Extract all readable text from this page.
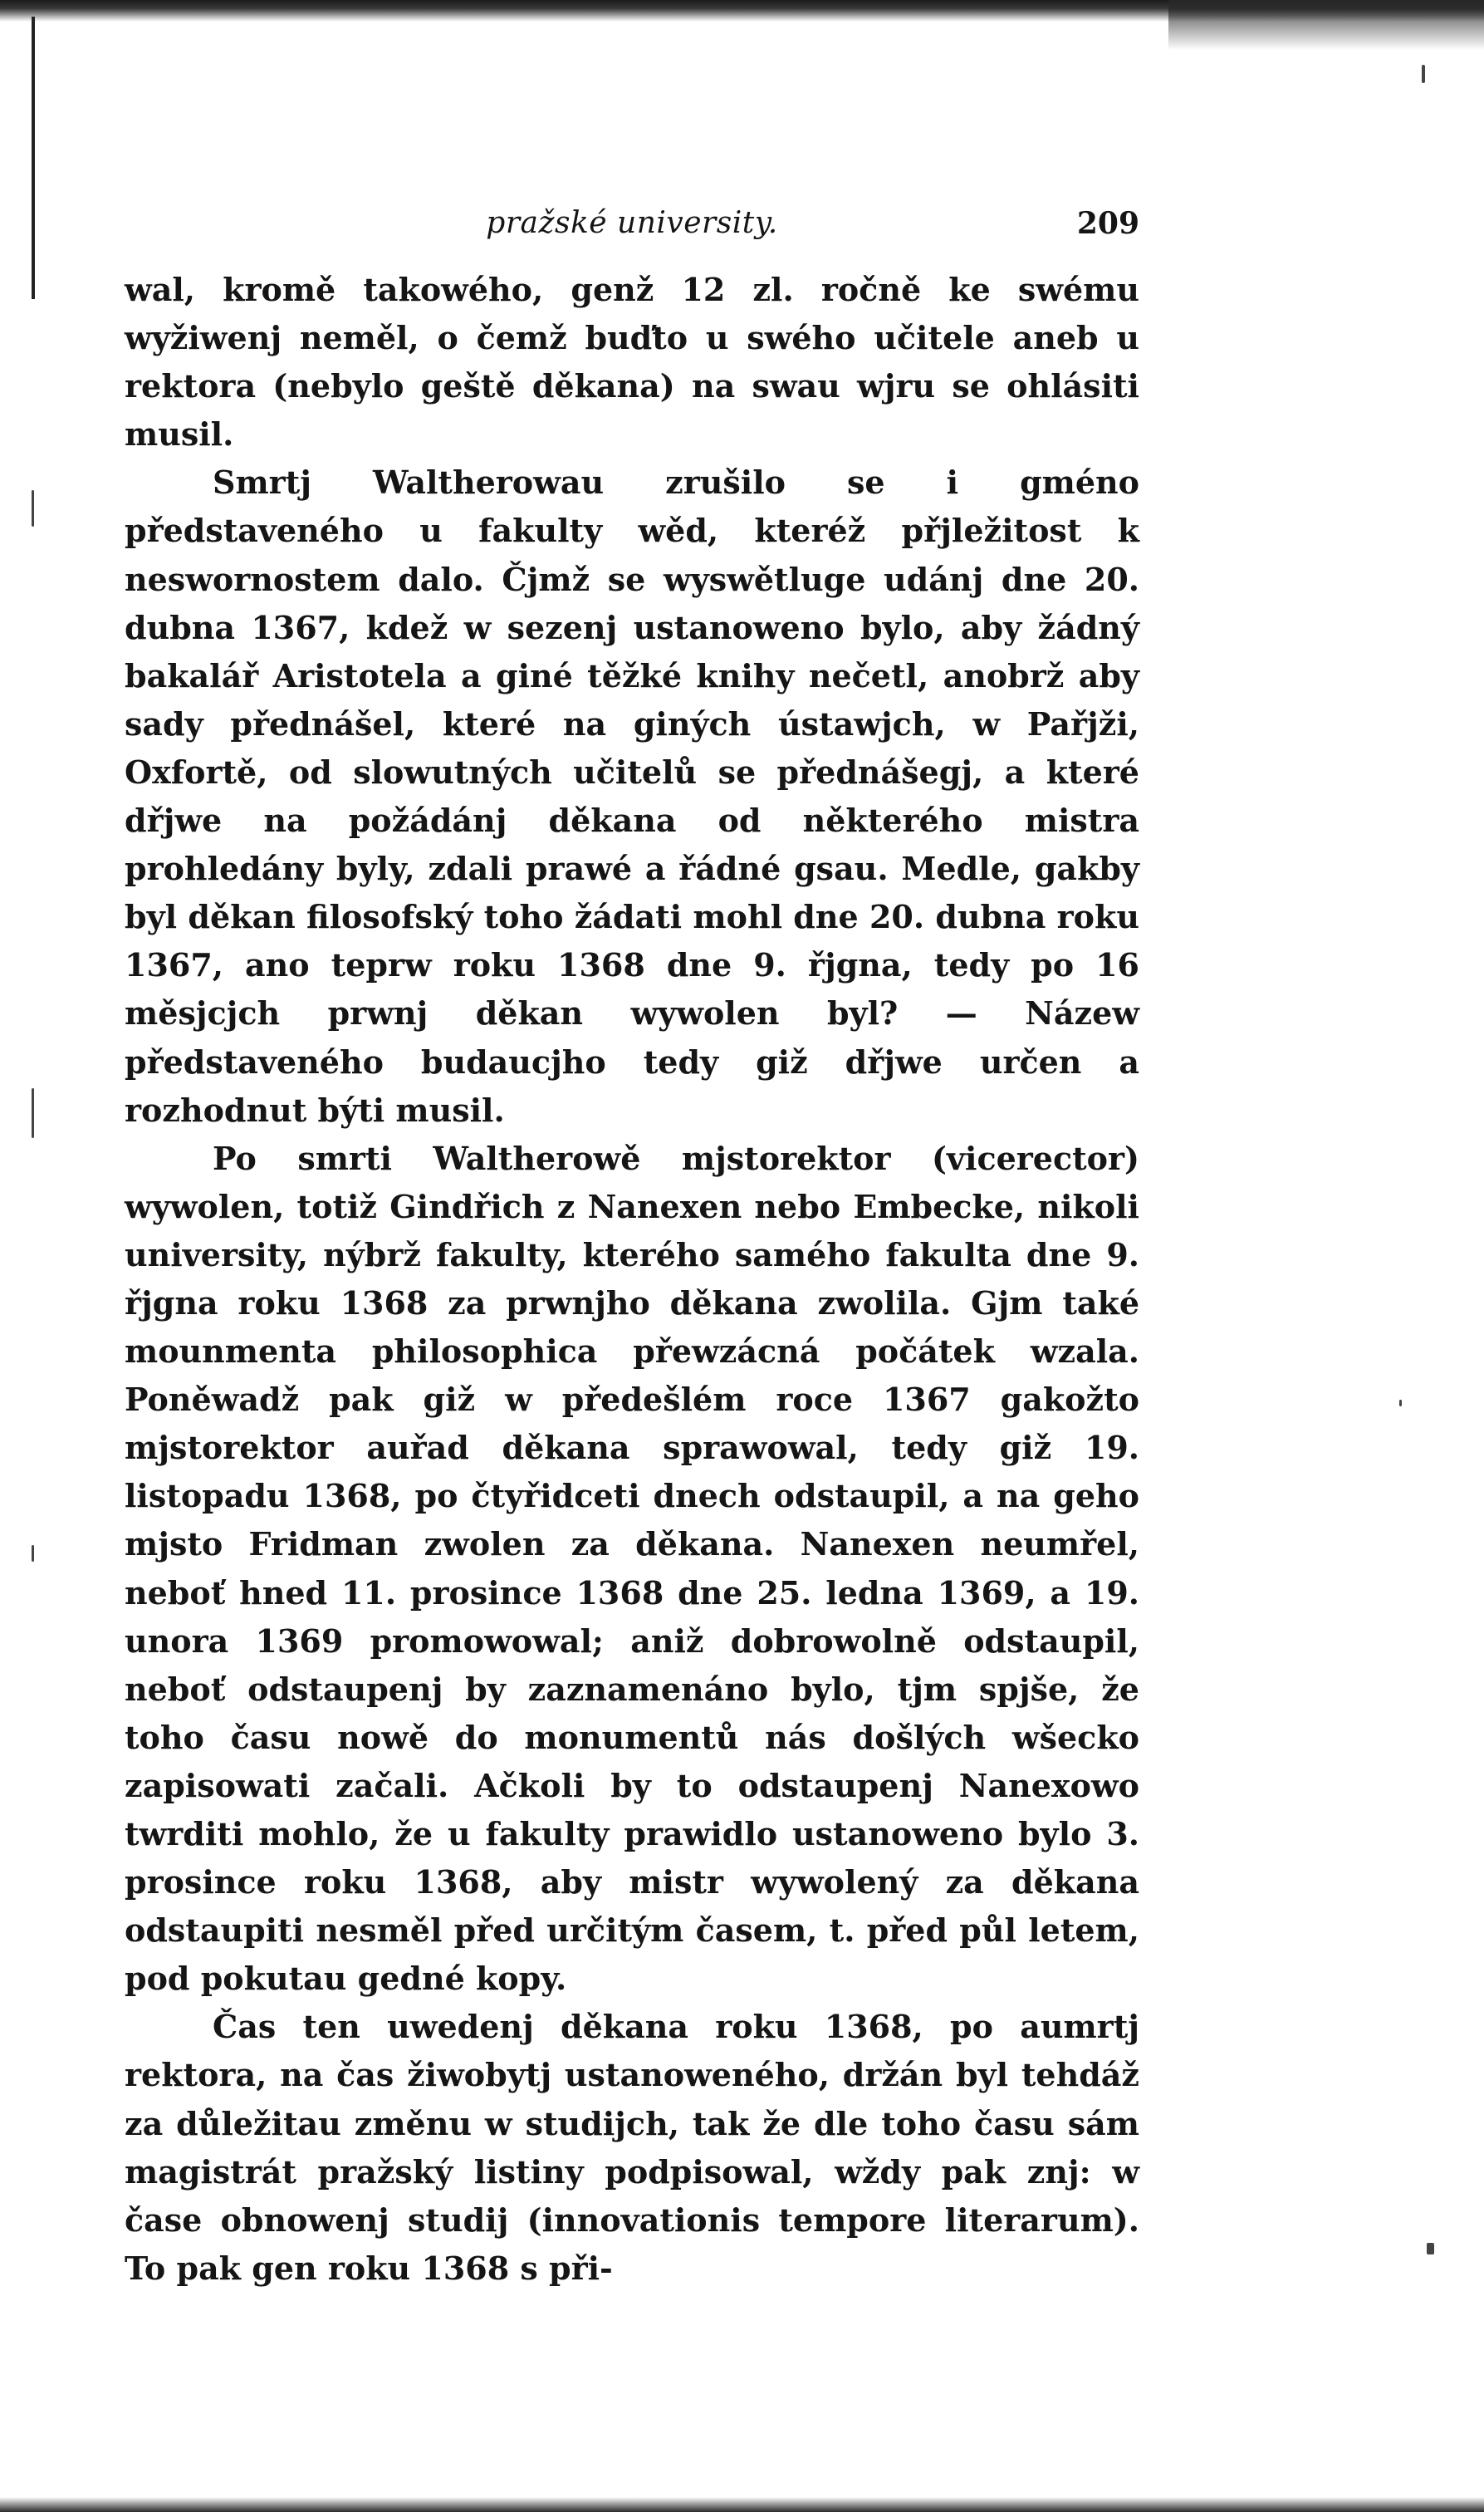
pražské university.	209

wal, kromě takowého, genž 12 zl. ročně ke swému wyžiwenj neměl, o čemž buďto u swého učitele aneb u rektora (nebylo geště děkana) na swau wjru se ohlásiti musil.

Smrtj Waltherowau zrušilo se i gméno představeného u fakulty wěd, kteréž přjležitost k neswornostem dalo. Čjmž se wyswětluge udánj dne 20. dubna 1367, kdež w sezenj ustanoweno bylo, aby žádný bakalář Aristotela a giné těžké knihy nečetl, anobrž aby sady přednášel, které na giných ústawjch, w Pařjži, Oxfortě, od slowutných učitelů se přednášegj, a které dřjwe na požádánj děkana od některého mistra prohledány byly, zdali prawé a řádné gsau. Medle, gakby byl děkan filosofský toho žádati mohl dne 20. dubna roku 1367, ano teprw roku 1368 dne 9. řjgna, tedy po 16 měsjcjch prwnj děkan wywolen byl? — Názew představeného budaucjho tedy giž dřjwe určen a rozhodnut býti musil.

Po smrti Waltherowě mjstorektor (vicerector) wywolen, totiž Gindřich z Nanexen nebo Embecke, nikoli university, nýbrž fakulty, kterého samého fakulta dne 9. řjgna roku 1368 za prwnjho děkana zwolila. Gjm také mounmenta philosophica přewzácná počátek wzala. Poněwadž pak giž w předešlém roce 1367 gakožto mjstorektor auřad děkana sprawowal, tedy giž 19. listopadu 1368, po čtyřidceti dnech odstaupil, a na geho mjsto Fridman zwolen za děkana. Nanexen neumřel, neboť hned 11. prosince 1368 dne 25. ledna 1369, a 19. unora 1369 promowowal; aniž dobrowolně odstaupil, neboť odstaupenj by zaznamenáno bylo, tjm spjše, že toho času nowě do monumentů nás došlých wšecko zapisowati začali. Ačkoli by to odstaupenj Nanexowo twrditi mohlo, že u fakulty prawidlo ustanoweno bylo 3. prosince roku 1368, aby mistr wywolený za děkana odstaupiti nesměl před určitým časem, t. před půl letem, pod pokutau gedné kopy.

Čas ten uwedenj děkana roku 1368, po aumrtj rektora, na čas žiwobytj ustanoweného, držán byl tehdáž za důležitau změnu w studijch, tak že dle toho času sám magistrát pražský listiny podpisowal, wždy pak znj: w čase obnowenj studij (innovationis tempore literarum). To pak gen roku 1368 s při-
